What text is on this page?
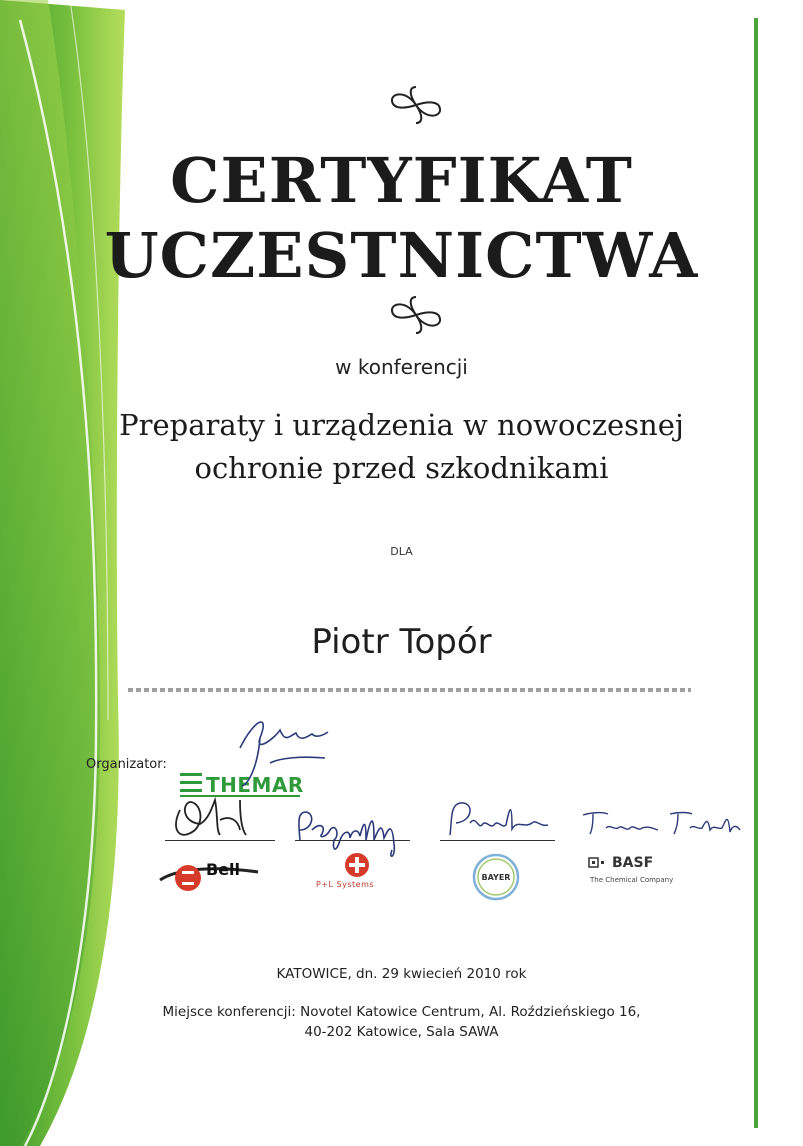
CERTYFIKAT
UCZESTNICTWA
w konferencji
Preparaty i urządzenia w nowoczesnej
ochronie przed szkodnikami
DLA
Piotr Topór
Organizator:
THEMAR
Bell
P+L Systems
BAYER
BASF
The Chemical Company
KATOWICE, dn. 29 kwiecień 2010 rok
Miejsce konferencji: Novotel Katowice Centrum, Al. Roździeńskiego 16,
40-202 Katowice, Sala SAWA
